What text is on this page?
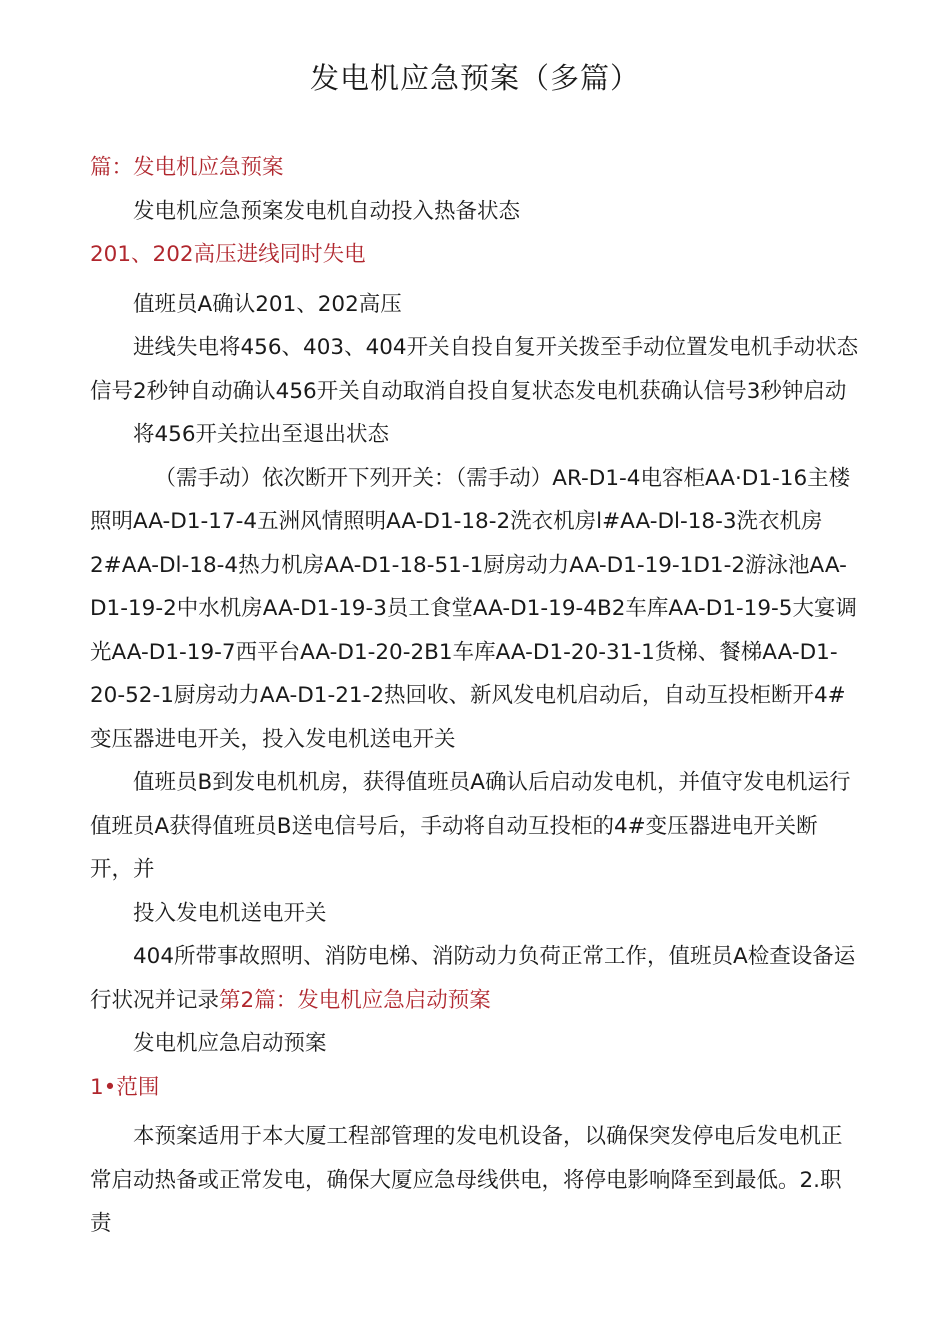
发电机应急预案（多篇）

篇：发电机应急预案

发电机应急预案发电机自动投入热备状态

201、202高压进线同时失电

值班员A确认201、202高压

进线失电将456、403、404开关自投自复开关拨至手动位置发电机手动状态信号2秒钟自动确认456开关自动取消自投自复状态发电机获确认信号3秒钟启动

将456开关拉出至退出状态

（需手动）依次断开下列开关：（需手动）AR-D1-4电容柜AA·D1-16主楼照明AA-D1-17-4五洲风情照明AA-D1-18-2洗衣机房l#AA-Dl-18-3洗衣机房2#AA-Dl-18-4热力机房AA-D1-18-51-1厨房动力AA-D1-19-1D1-2游泳池AA-D1-19-2中水机房AA-D1-19-3员工食堂AA-D1-19-4B2车库AA-D1-19-5大宴调光AA-D1-19-7西平台AA-D1-20-2B1车库AA-D1-20-31-1货梯、餐梯AA-D1-20-52-1厨房动力AA-D1-21-2热回收、新风发电机启动后，自动互投柜断开4#变压器进电开关，投入发电机送电开关

值班员B到发电机机房，获得值班员A确认后启动发电机，并值守发电机运行值班员A获得值班员B送电信号后，手动将自动互投柜的4#变压器进电开关断开，并

投入发电机送电开关

404所带事故照明、消防电梯、消防动力负荷正常工作，值班员A检查设备运行状况并记录第2篇：发电机应急启动预案

发电机应急启动预案

1•范围

本预案适用于本大厦工程部管理的发电机设备，以确保突发停电后发电机正常启动热备或正常发电，确保大厦应急母线供电，将停电影响降至到最低。2.职责
